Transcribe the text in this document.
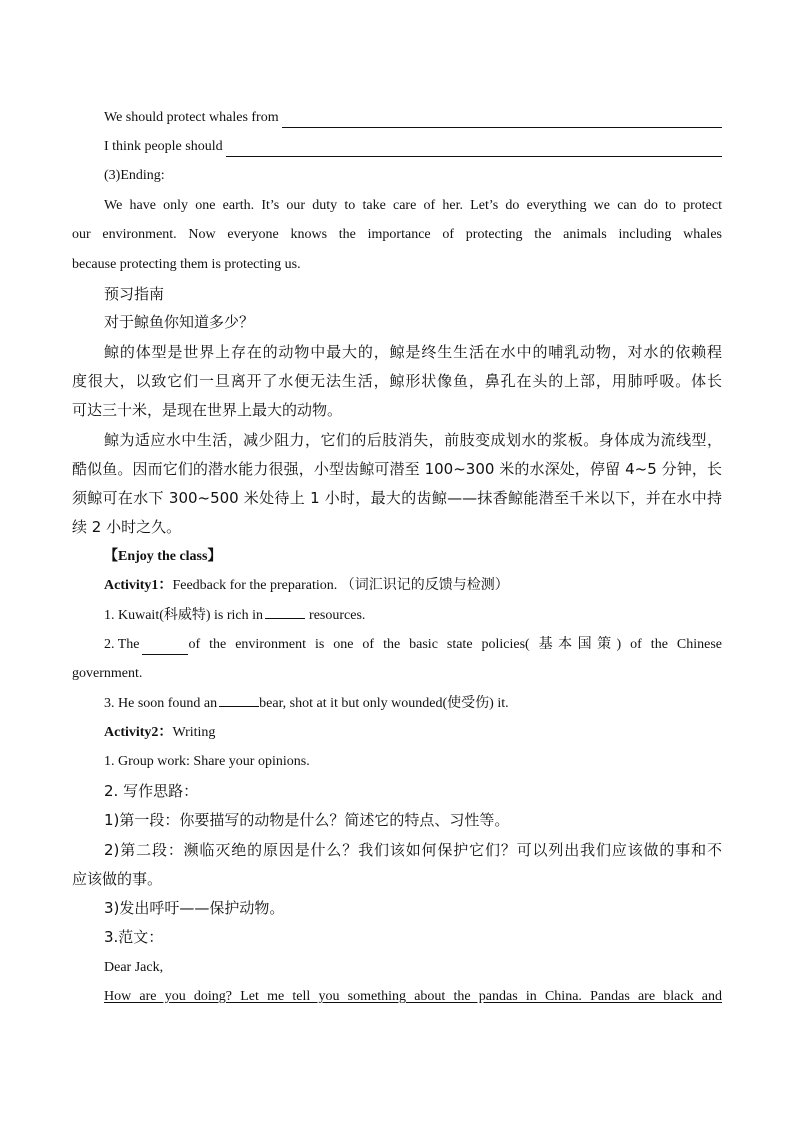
We should protect whales from
I think people should
(3)Ending:
We have only one earth. It’s our duty to take care of her. Let’s do everything we can do to protect
our environment. Now everyone knows the importance of protecting the animals including whales
because protecting them is protecting us.
预习指南
对于鲸鱼你知道多少？
鲸的体型是世界上存在的动物中最大的，鲸是终生生活在水中的哺乳动物，对水的依赖程
度很大，以致它们一旦离开了水便无法生活，鲸形状像鱼，鼻孔在头的上部，用肺呼吸。体长
可达三十米，是现在世界上最大的动物。
鲸为适应水中生活，减少阻力，它们的后肢消失，前肢变成划水的浆板。身体成为流线型，
酷似鱼。因而它们的潜水能力很强，小型齿鲸可潜至 100~300 米的水深处，停留 4~5 分钟，长
须鲸可在水下 300~500 米处待上 1 小时，最大的齿鲸——抹香鲸能潜至千米以下，并在水中持
续 2 小时之久。
【Enjoy the class】
Activity1：Feedback for the preparation. （词汇识记的反馈与检测）
1. Kuwait(科威特) is rich in	resources.
2. The	of the environment is one of the basic state policies( 基本国策) of the Chinese
government.
3. He soon found an	bear, shot at it but only wounded(使受伤) it.
Activity2：Writing
1. Group work: Share your opinions.
2. 写作思路：
1)第一段：你要描写的动物是什么？简述它的特点、习性等。
2)第二段：濒临灭绝的原因是什么？我们该如何保护它们？可以列出我们应该做的事和不
应该做的事。
3)发出呼吁——保护动物。
3.范文：
Dear Jack,
How are you doing? Let me tell you something about the pandas in China. Pandas are black and
